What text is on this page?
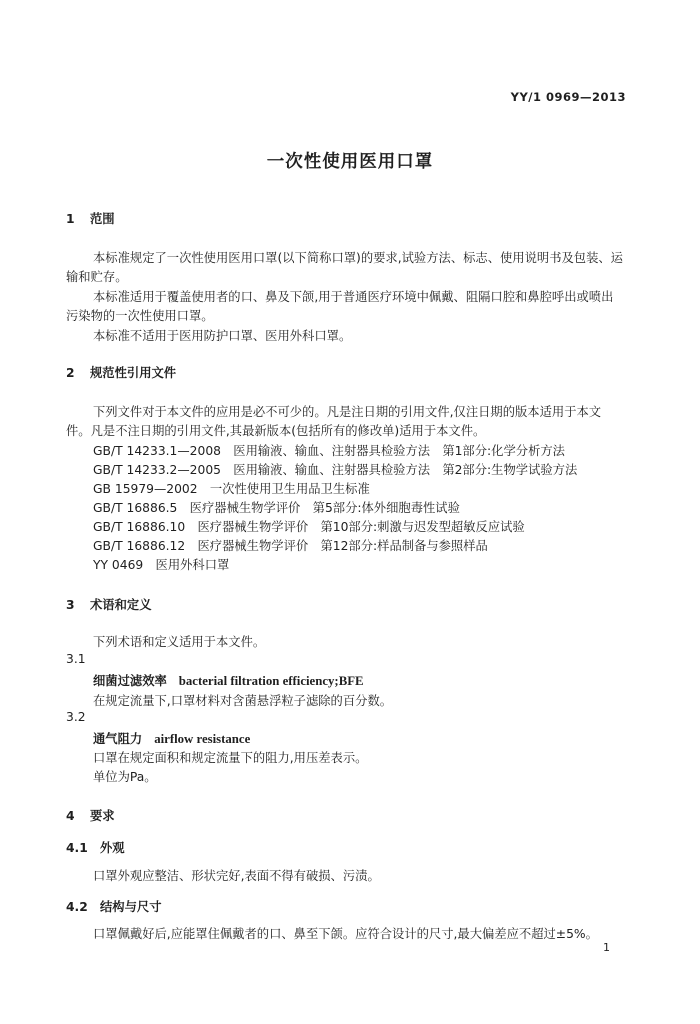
YY/1 0969—2013
一次性使用医用口罩
1 范围
本标准规定了一次性使用医用口罩(以下简称口罩)的要求,试验方法、标志、使用说明书及包装、运
输和贮存。
本标准适用于覆盖使用者的口、鼻及下颌,用于普通医疗环境中佩戴、阻隔口腔和鼻腔呼出或喷出
污染物的一次性使用口罩。
本标准不适用于医用防护口罩、医用外科口罩。
2 规范性引用文件
下列文件对于本文件的应用是必不可少的。凡是注日期的引用文件,仅注日期的版本适用于本文
件。凡是不注日期的引用文件,其最新版本(包括所有的修改单)适用于本文件。
GB/T 14233.1—2008　医用输液、输血、注射器具检验方法　第1部分:化学分析方法
GB/T 14233.2—2005　医用输液、输血、注射器具检验方法　第2部分:生物学试验方法
GB 15979—2002　一次性使用卫生用品卫生标准
GB/T 16886.5　医疗器械生物学评价　第5部分:体外细胞毒性试验
GB/T 16886.10　医疗器械生物学评价　第10部分:刺激与迟发型超敏反应试验
GB/T 16886.12　医疗器械生物学评价　第12部分:样品制备与参照样品
YY 0469　医用外科口罩
3 术语和定义
下列术语和定义适用于本文件。
3.1
细菌过滤效率 bacterial filtration efficiency;BFE
在规定流量下,口罩材料对含菌悬浮粒子滤除的百分数。
3.2
通气阻力 airflow resistance
口罩在规定面积和规定流量下的阻力,用压差表示。
单位为Pa。
4 要求
4.1 外观
口罩外观应整洁、形状完好,表面不得有破损、污渍。
4.2 结构与尺寸
口罩佩戴好后,应能罩住佩戴者的口、鼻至下颌。应符合设计的尺寸,最大偏差应不超过±5%。
1
